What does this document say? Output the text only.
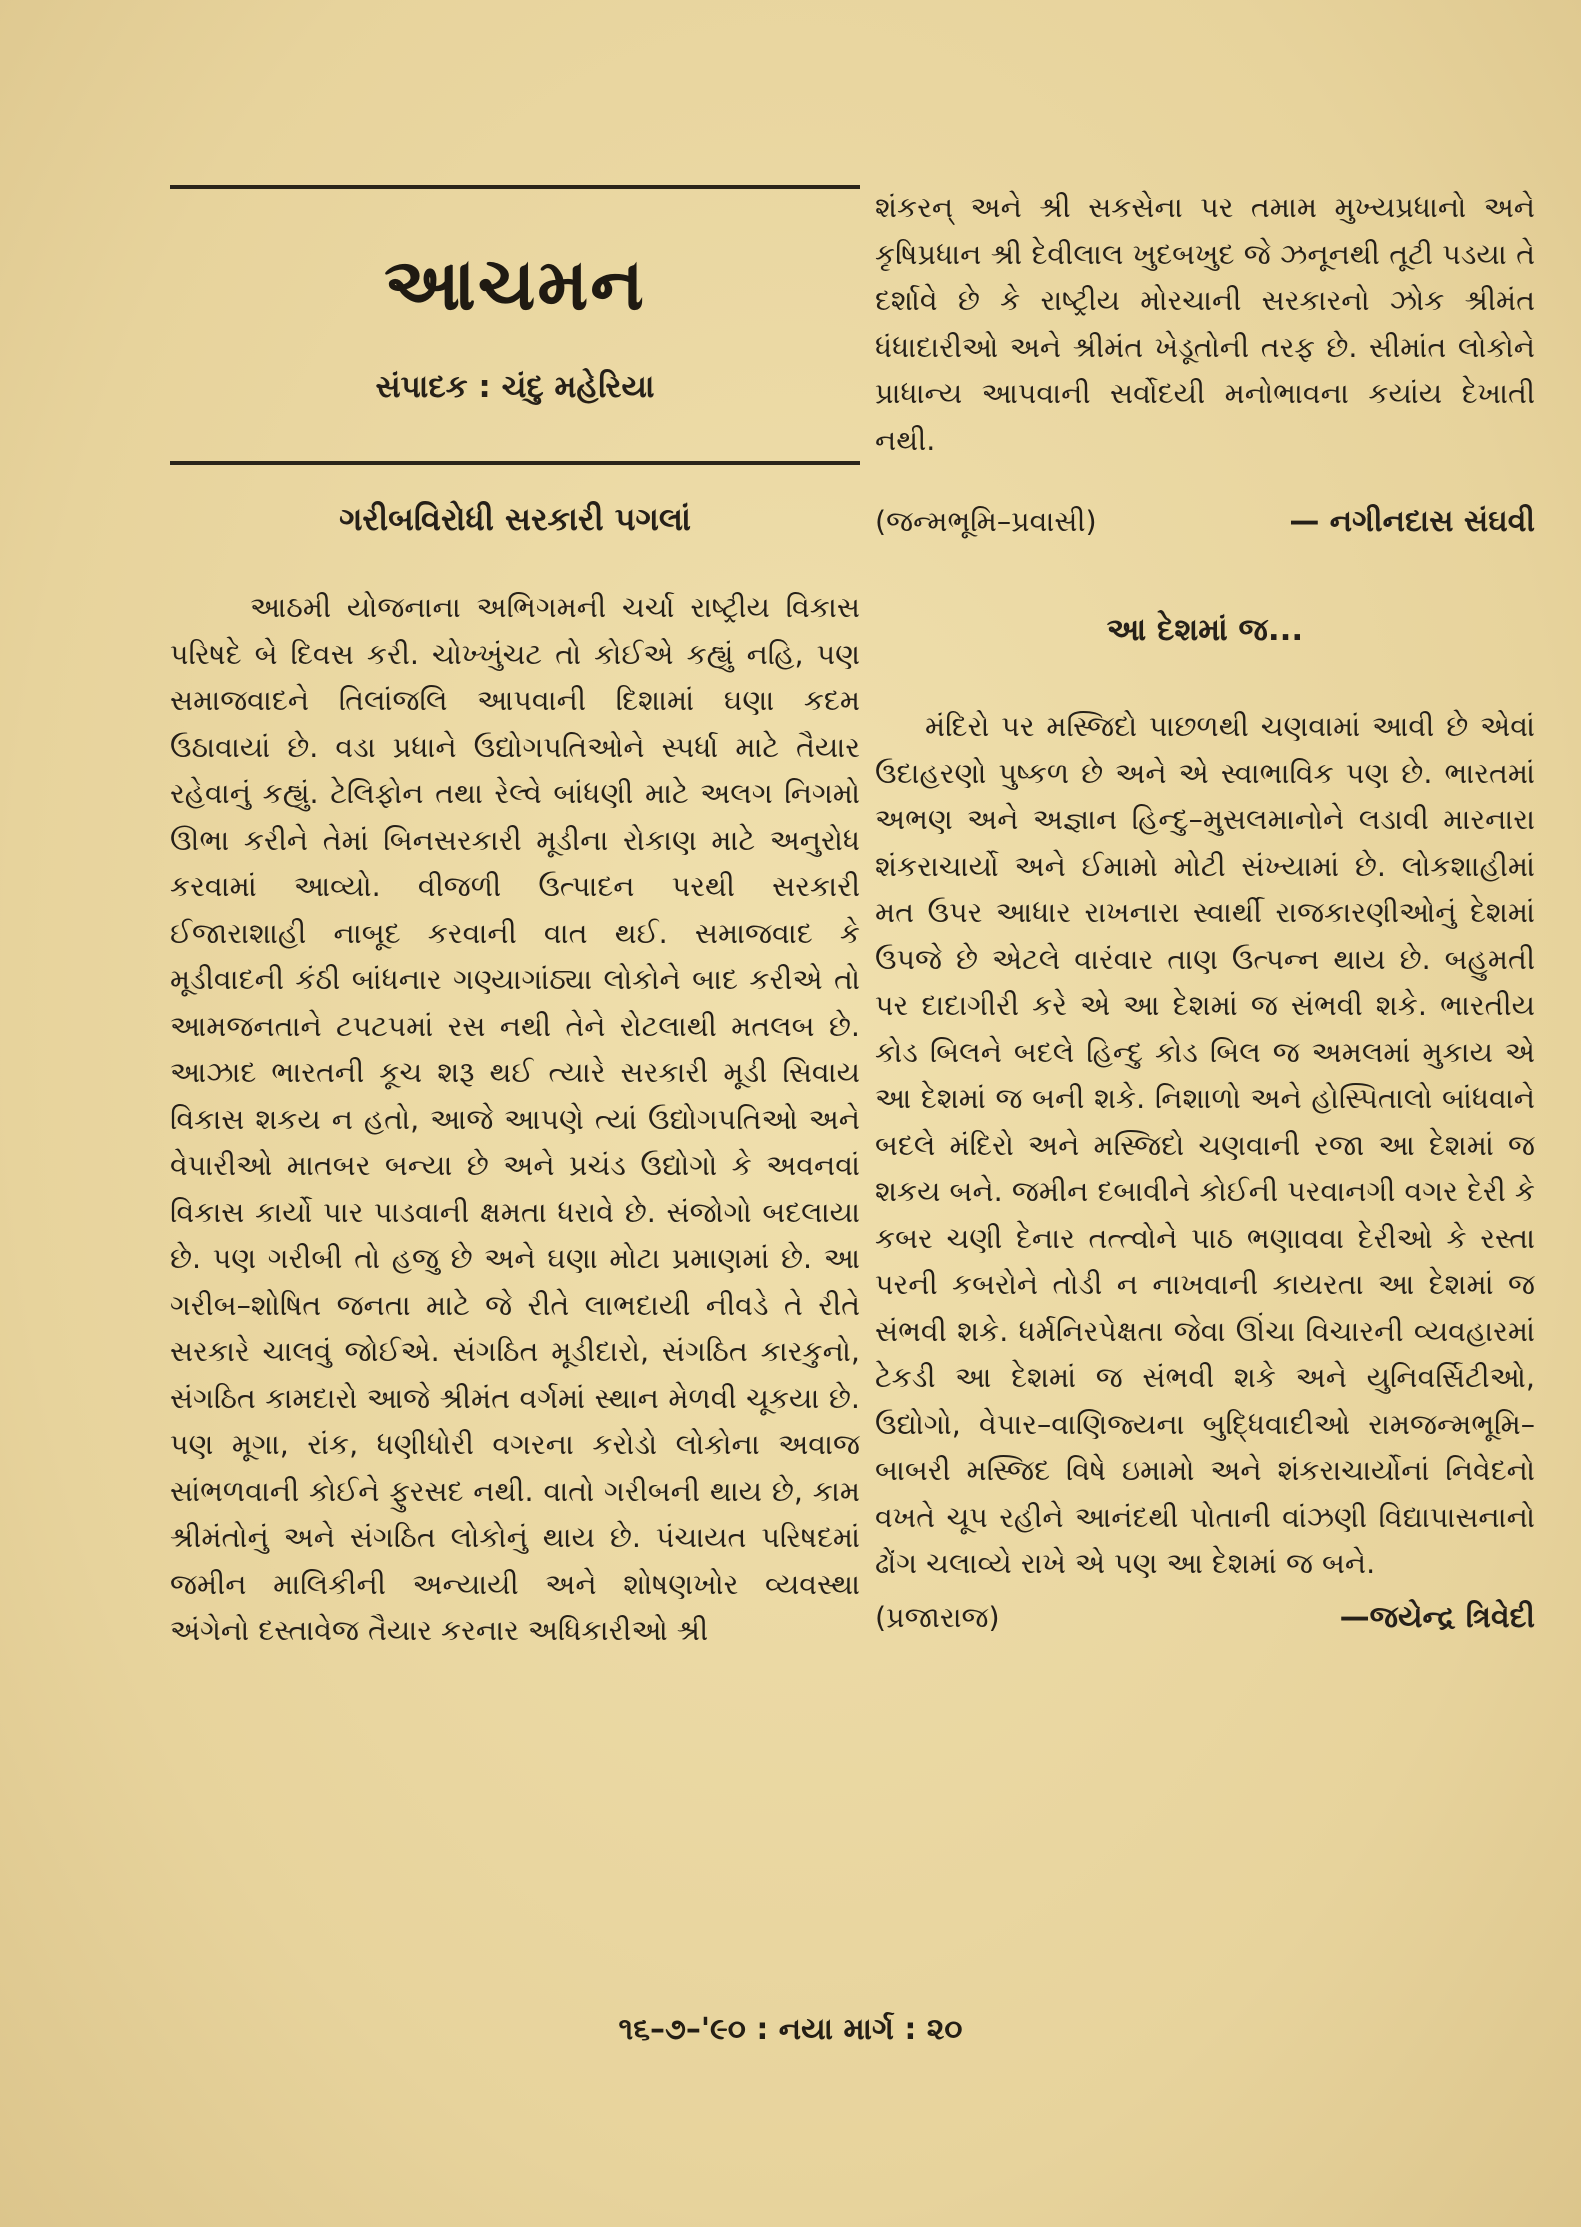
આચમન
સંપાદક : ચંદુ મહેરિયા
ગરીબવિરોધી સરકારી પગલાં

આઠમી યોજનાના અભિગમની ચર્ચા રાષ્ટ્રીય વિકાસ પરિષદે બે દિવસ કરી. ચોખ્ખુંચટ તો કોઈએ કહ્યું નહિ, પણ સમાજવાદને તિલાંજલિ આપવાની દિશામાં ઘણા કદમ ઉઠાવાયાં છે. વડા પ્રધાને ઉદ્યોગપતિઓને સ્પર્ધા માટે તૈયાર રહેવાનું કહ્યું. ટેલિફોન તથા રેલ્વે બાંધણી માટે અલગ નિગમો ઊભા કરીને તેમાં બિનસરકારી મૂડીના રોકાણ માટે અનુરોધ કરવામાં આવ્યો. વીજળી ઉત્પાદન પરથી સરકારી ઈજારાશાહી નાબૂદ કરવાની વાત થઈ. સમાજવાદ કે મૂડીવાદની કંઠી બાંધનાર ગણ્યાગાંઠ્યા લોકોને બાદ કરીએ તો આમજનતાને ટપટપમાં રસ નથી તેને રોટલાથી મતલબ છે. આઝાદ ભારતની કૂચ શરૂ થઈ ત્યારે સરકારી મૂડી સિવાય વિકાસ શકય ન હતો, આજે આપણે ત્યાં ઉદ્યોગપતિઓ અને વેપારીઓ માતબર બન્યા છે અને પ્રચંડ ઉદ્યોગો કે અવનવાં વિકાસ કાર્યો પાર પાડવાની ક્ષમતા ધરાવે છે. સંજોગો બદલાયા છે. પણ ગરીબી તો હજુ છે અને ઘણા મોટા પ્રમાણમાં છે. આ ગરીબ–શોષિત જનતા માટે જે રીતે લાભદાયી નીવડે તે રીતે સરકારે ચાલવું જોઈએ. સંગઠિત મૂડીદારો, સંગઠિત કારકુનો, સંગઠિત કામદારો આજે શ્રીમંત વર્ગમાં સ્થાન મેળવી ચૂકયા છે. પણ મૂગા, રાંક, ધણીધોરી વગરના કરોડો લોકોના અવાજ સાંભળવાની કોઈને ફુરસદ નથી. વાતો ગરીબની થાય છે, કામ શ્રીમંતોનું અને સંગઠિત લોકોનું થાય છે. પંચાયત પરિષદમાં જમીન માલિકીની અન્યાયી અને શોષણખોર વ્યવસ્થા અંગેનો દસ્તાવેજ તૈયાર કરનાર અધિકારીઓ શ્રી

શંકરન્ અને શ્રી સકસેના પર તમામ મુખ્યપ્રધાનો અને કૃષિપ્રધાન શ્રી દેવીલાલ ખુદબખુદ જે ઝનૂનથી તૂટી પડયા તે દર્શાવે છે કે રાષ્ટ્રીય મોરચાની સરકારનો ઝોક શ્રીમંત ધંધાદારીઓ અને શ્રીમંત ખેડૂતોની તરફ છે. સીમાંત લોકોને પ્રાધાન્ય આપવાની સર્વોદયી મનોભાવના કયાંય દેખાતી નથી.

(જન્મભૂમિ–પ્રવાસી)	— નગીનદાસ સંઘવી
આ દેશમાં જ...

મંદિરો પર મસ્જિદો પાછળથી ચણવામાં આવી છે એવાં ઉદાહરણો પુષ્કળ છે અને એ સ્વાભાવિક પણ છે. ભારતમાં અભણ અને અજ્ઞાન હિન્દુ–મુસલમાનોને લડાવી મારનારા શંકરાચાર્યો અને ઈમામો મોટી સંખ્યામાં છે. લોકશાહીમાં મત ઉપર આધાર રાખનારા સ્વાર્થી રાજકારણીઓનું દેશમાં ઉપજે છે એટલે વારંવાર તાણ ઉત્પન્ન થાય છે. બહુમતી પર દાદાગીરી કરે એ આ દેશમાં જ સંભવી શકે. ભારતીય કોડ બિલને બદલે હિન્દુ કોડ બિલ જ અમલમાં મુકાય એ આ દેશમાં જ બની શકે. નિશાળો અને હોસ્પિતાલો બાંધવાને બદલે મંદિરો અને મસ્જિદો ચણવાની રજા આ દેશમાં જ શકય બને. જમીન દબાવીને કોઈની પરવાનગી વગર દેરી કે કબર ચણી દેનાર તત્ત્વોને પાઠ ભણાવવા દેરીઓ કે રસ્તા પરની કબરોને તોડી ન નાખવાની કાયરતા આ દેશમાં જ સંભવી શકે. ધર્મનિરપેક્ષતા જેવા ઊંચા વિચારની વ્યવહારમાં ટેકડી આ દેશમાં જ સંભવી શકે અને યુનિવર્સિટીઓ, ઉદ્યોગો, વેપાર–વાણિજ્યના બુદ્ધિવાદીઓ રામજન્મભૂમિ–બાબરી મસ્જિદ વિષે ઇમામો અને શંકરાચાર્યોનાં નિવેદનો વખતે ચૂપ રહીને આનંદથી પોતાની વાંઝણી વિદ્યાપાસનાનો ઢોંગ ચલાવ્યે રાખે એ પણ આ દેશમાં જ બને.

(પ્રજારાજ)	—જયેન્દ્ર ત્રિવેદી
૧૬–૭–'૯૦ : નયા માર્ગ : ૨૦
